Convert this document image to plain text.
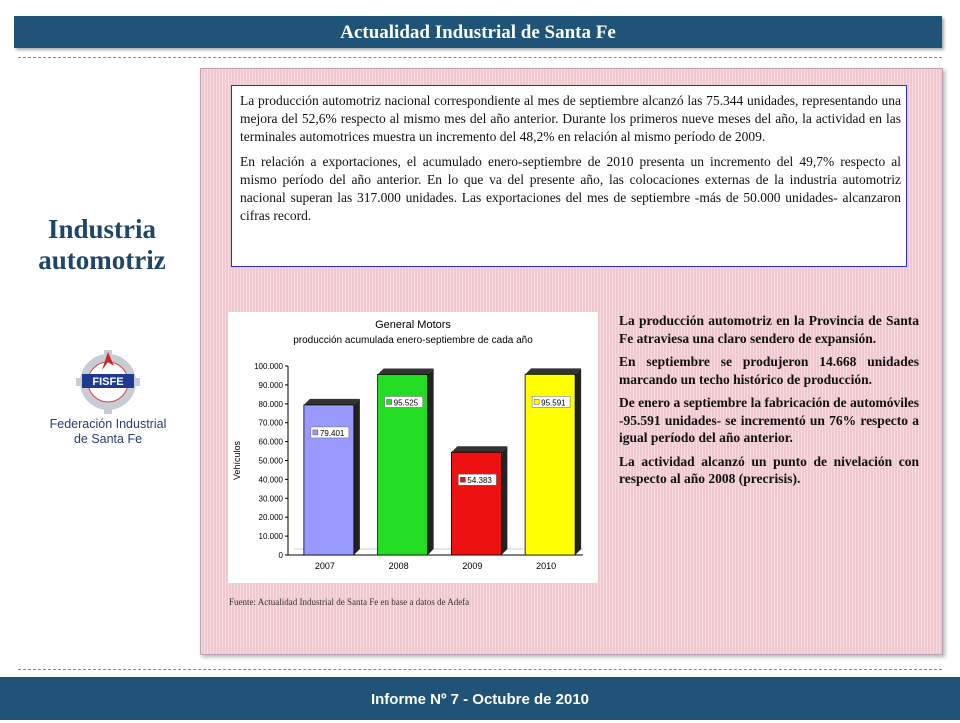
Actualidad Industrial de Santa Fe
Industria
automotriz
FISFE
Federación Industrial
de Santa Fe

La producción automotriz nacional correspondiente al mes de septiembre alcanzó las 75.344 unidades, representando una mejora del 52,6% respecto al mismo mes del año anterior. Durante los primeros nueve meses del año, la actividad en las terminales automotrices muestra un incremento del 48,2% en relación al mismo período de 2009.

En relación a exportaciones, el acumulado enero-septiembre de 2010 presenta un incremento del 49,7% respecto al mismo período del año anterior. En lo que va del presente año, las colocaciones externas de la industria automotriz nacional superan las 317.000 unidades. Las exportaciones del mes de septiembre -más de 50.000 unidades- alcanzaron cifras record.

General Motors
producción acumulada enero-septiembre de cada año
0
10.000
20.000
30.000
40.000
50.000
60.000
70.000
80.000
90.000
100.000
Vehículos
79.401
2007
95.525
2008
54.383
2009
95.591
2010
Fuente: Actualidad Industrial de Santa Fe en base a datos de Adefa

La producción automotriz en la Provincia de Santa Fe atraviesa una claro sendero de expansión.

En septiembre se produjeron 14.668 unidades marcando un techo histórico de producción.

De enero a septiembre la fabricación de automóviles -95.591 unidades- se incrementó un 76% respecto a igual período del año anterior.

La actividad alcanzó un punto de nivelación con respecto al año 2008 (precrisis).

Informe Nº 7 - Octubre de 2010
